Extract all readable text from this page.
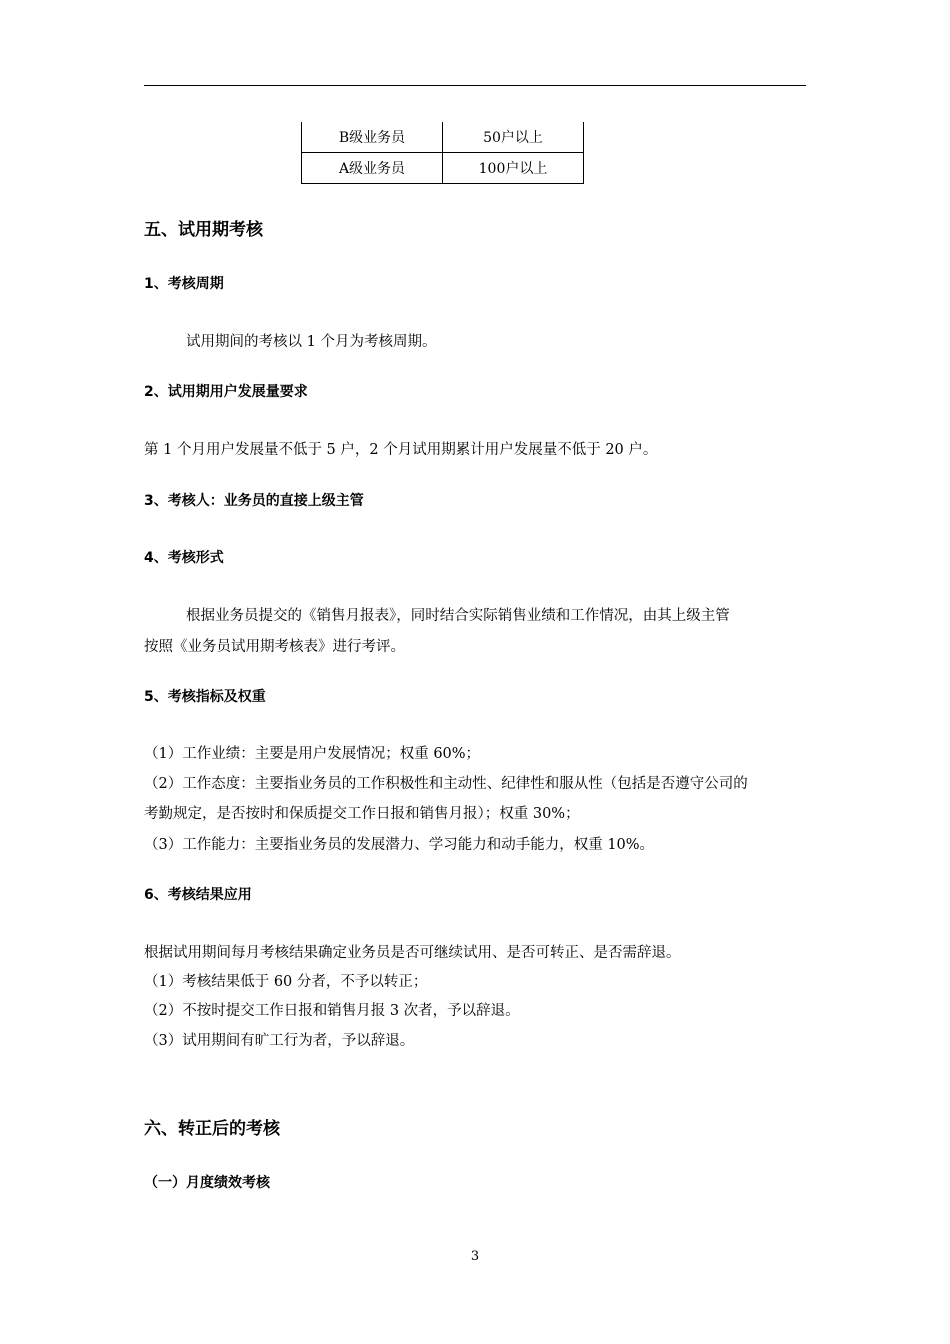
B级业务员	50户以上
A级业务员	100户以上
五、试用期考核
1、考核周期
试用期间的考核以 1 个月为考核周期。
2、试用期用户发展量要求
第 1 个月用户发展量不低于 5 户，2 个月试用期累计用户发展量不低于 20 户。
3、考核人：业务员的直接上级主管
4、考核形式
根据业务员提交的《销售月报表》，同时结合实际销售业绩和工作情况，由其上级主管
按照《业务员试用期考核表》进行考评。
5、考核指标及权重
（1）工作业绩：主要是用户发展情况；权重 60%；
（2）工作态度：主要指业务员的工作积极性和主动性、纪律性和服从性（包括是否遵守公司的
考勤规定，是否按时和保质提交工作日报和销售月报）；权重 30%；
（3）工作能力：主要指业务员的发展潜力、学习能力和动手能力，权重 10%。
6、考核结果应用
根据试用期间每月考核结果确定业务员是否可继续试用、是否可转正、是否需辞退。
（1）考核结果低于 60 分者，不予以转正；
（2）不按时提交工作日报和销售月报 3 次者，予以辞退。
（3）试用期间有旷工行为者，予以辞退。
六、转正后的考核
（一）月度绩效考核
3
